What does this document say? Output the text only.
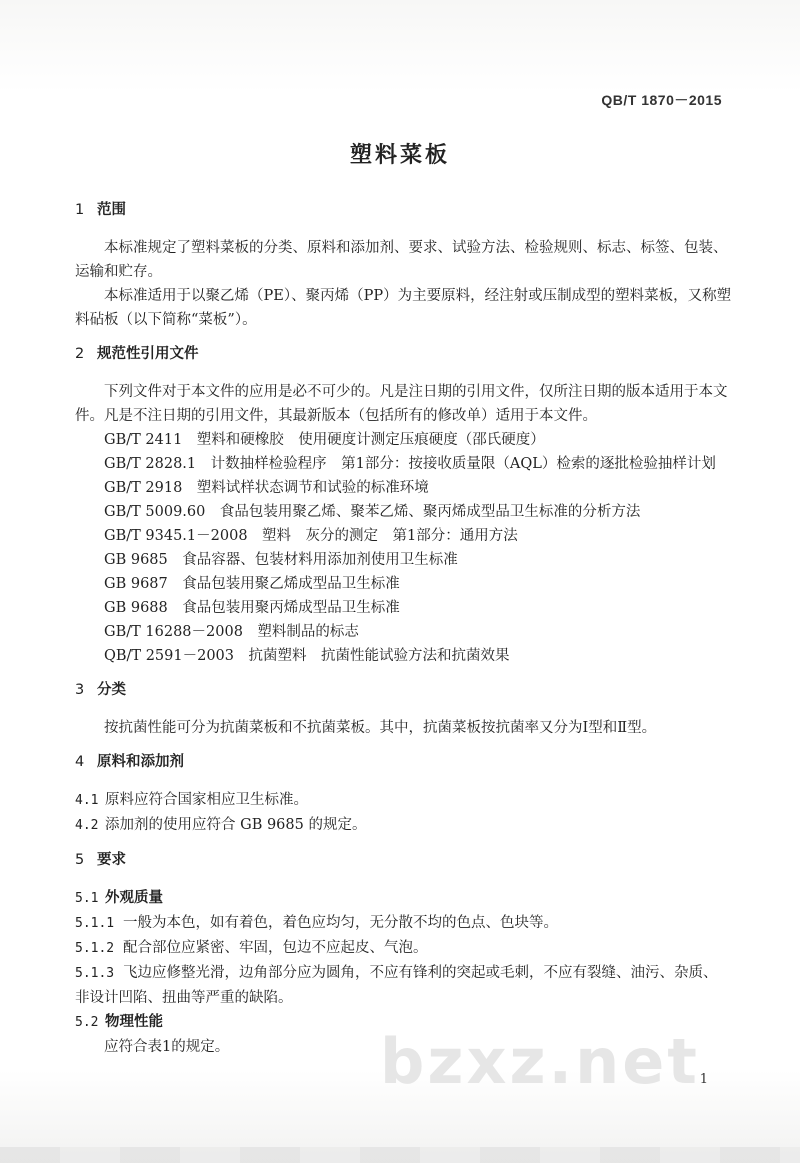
QB/T 1870－2015
塑料菜板
1 范围

本标准规定了塑料菜板的分类、原料和添加剂、要求、试验方法、检验规则、标志、标签、包装、运输和贮存。

本标准适用于以聚乙烯（PE）、聚丙烯（PP）为主要原料，经注射或压制成型的塑料菜板，又称塑料砧板（以下简称“菜板”）。

2 规范性引用文件

下列文件对于本文件的应用是必不可少的。凡是注日期的引用文件，仅所注日期的版本适用于本文件。凡是不注日期的引用文件，其最新版本（包括所有的修改单）适用于本文件。

GB/T 2411　塑料和硬橡胶　使用硬度计测定压痕硬度（邵氏硬度）

GB/T 2828.1　计数抽样检验程序　第1部分：按接收质量限（AQL）检索的逐批检验抽样计划

GB/T 2918　塑料试样状态调节和试验的标准环境

GB/T 5009.60　食品包装用聚乙烯、聚苯乙烯、聚丙烯成型品卫生标准的分析方法

GB/T 9345.1－2008　塑料　灰分的测定　第1部分：通用方法

GB 9685　食品容器、包装材料用添加剂使用卫生标准

GB 9687　食品包装用聚乙烯成型品卫生标准

GB 9688　食品包装用聚丙烯成型品卫生标准

GB/T 16288－2008　塑料制品的标志

QB/T 2591－2003　抗菌塑料　抗菌性能试验方法和抗菌效果

3 分类

按抗菌性能可分为抗菌菜板和不抗菌菜板。其中，抗菌菜板按抗菌率又分为Ⅰ型和Ⅱ型。

4 原料和添加剂

4.1 原料应符合国家相应卫生标准。

4.2 添加剂的使用应符合 GB 9685 的规定。

5 要求

5.1 外观质量

5.1.1 一般为本色，如有着色，着色应均匀，无分散不均的色点、色块等。

5.1.2 配合部位应紧密、牢固，包边不应起皮、气泡。

5.1.3 飞边应修整光滑，边角部分应为圆角，不应有锋利的突起或毛刺，不应有裂缝、油污、杂质、

非设计凹陷、扭曲等严重的缺陷。

5.2 物理性能

应符合表1的规定。	bzxz.net 1
